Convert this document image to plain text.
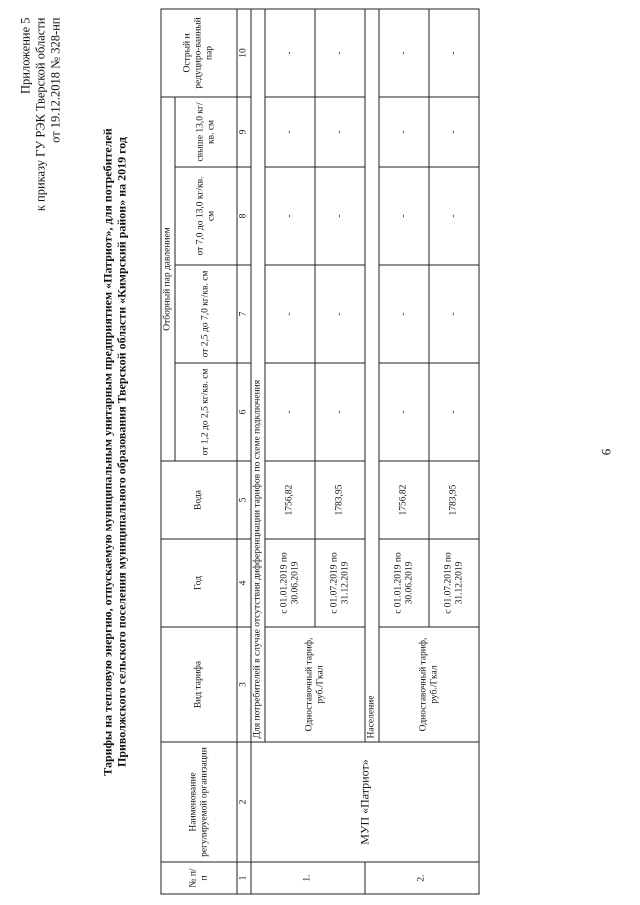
Приложение 5 к приказу ГУ РЭК Тверской области от 19.12.2018 № 328-нп
Тарифы на тепловую энергию, отпускаемую муниципальным унитарным предприятием «Патриот», для потребителей Приволжского сельского поселения муниципального образования Тверской области «Кимрский район» на 2019 год
№ п/ п	Наименование регулируемой организации	Вид тарифа	Год	Вода	Отборный пар давлением				Острый и редуциро-ванный пар
					от 1,2 до 2,5 кг/кв. см	от 2,5 до 7,0 кг/кв. см	от 7,0 до 13,0 кг/кв. см	свыше 13,0 кг/кв. см	
1	2	3	4	5	6	7	8	9	10
1.	МУП «Патриот»	Для потребителей в случае отсутствия дифференциации тарифов по схеме подключения							
		Одноставочный тариф, руб./Гкал	с 01.01.2019 по 30.06.2019	1756,82	-	-	-	-	-
			с 01.07.2019 по 31.12.2019	1783,95	-	-	-	-	-
2.		Население							
		Одноставочный тариф, руб./Гкал	с 01.01.2019 по 30.06.2019	1756,82	-	-	-	-	-
			с 01.07.2019 по 31.12.2019	1783,95	-	-	-	-	-
6
